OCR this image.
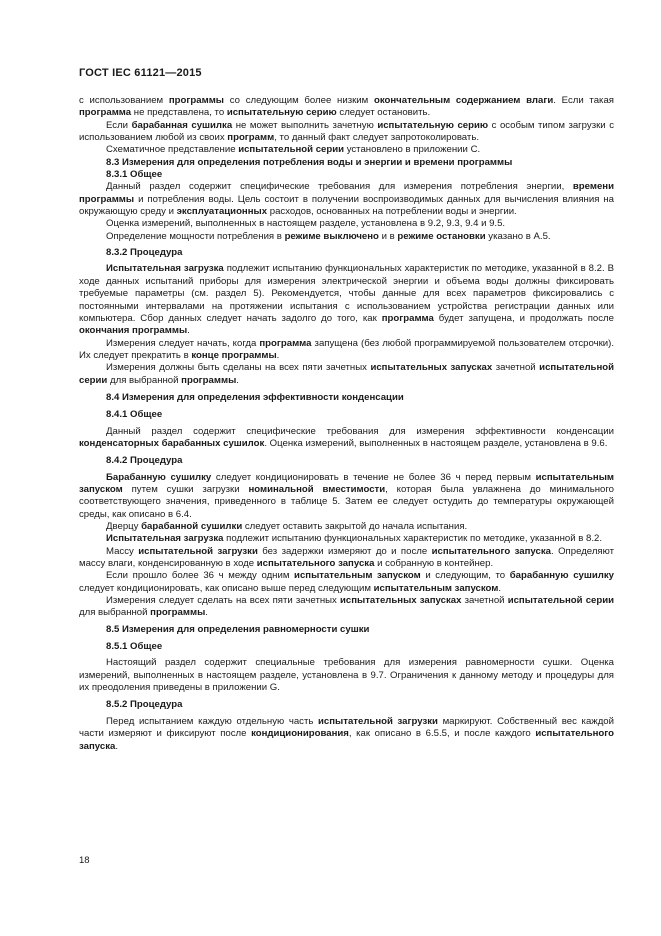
ГОСТ IEC 61121—2015

с использованием программы со следующим более низким окончательным содержанием влаги. Если такая программа не представлена, то испытательную серию следует остановить.

Если барабанная сушилка не может выполнить зачетную испытательную серию с особым типом загрузки с использованием любой из своих программ, то данный факт следует запротоколировать.

Схематичное представление испытательной серии установлено в приложении С.

8.3 Измерения для определения потребления воды и энергии и времени программы

8.3.1 Общее

Данный раздел содержит специфические требования для измерения потребления энергии, времени программы и потребления воды. Цель состоит в получении воспроизводимых данных для вычисления влияния на окружающую среду и эксплуатационных расходов, основанных на потреблении воды и энергии.

Оценка измерений, выполненных в настоящем разделе, установлена в 9.2, 9.3, 9.4 и 9.5.

Определение мощности потребления в режиме выключено и в режиме остановки указано в А.5.

8.3.2 Процедура

Испытательная загрузка подлежит испытанию функциональных характеристик по методике, указанной в 8.2. В ходе данных испытаний приборы для измерения электрической энергии и объема воды должны фиксировать требуемые параметры (см. раздел 5). Рекомендуется, чтобы данные для всех параметров фиксировались с постоянными интервалами на протяжении испытания с использованием устройства регистрации данных или компьютера. Сбор данных следует начать задолго до того, как программа будет запущена, и продолжать после окончания программы.

Измерения следует начать, когда программа запущена (без любой программируемой пользователем отсрочки). Их следует прекратить в конце программы.

Измерения должны быть сделаны на всех пяти зачетных испытательных запусках зачетной испытательной серии для выбранной программы.

8.4 Измерения для определения эффективности конденсации

8.4.1 Общее

Данный раздел содержит специфические требования для измерения эффективности конденсации конденсаторных барабанных сушилок. Оценка измерений, выполненных в настоящем разделе, установлена в 9.6.

8.4.2 Процедура

Барабанную сушилку следует кондиционировать в течение не более 36 ч перед первым испытательным запуском путем сушки загрузки номинальной вместимости, которая была увлажнена до минимального соответствующего значения, приведенного в таблице 5. Затем ее следует остудить до температуры окружающей среды, как описано в 6.4.

Дверцу барабанной сушилки следует оставить закрытой до начала испытания.

Испытательная загрузка подлежит испытанию функциональных характеристик по методике, указанной в 8.2.

Массу испытательной загрузки без задержки измеряют до и после испытательного запуска. Определяют массу влаги, конденсированную в ходе испытательного запуска и собранную в контейнер.

Если прошло более 36 ч между одним испытательным запуском и следующим, то барабанную сушилку следует кондиционировать, как описано выше перед следующим испытательным запуском.

Измерения следует сделать на всех пяти зачетных испытательных запусках зачетной испытательной серии для выбранной программы.

8.5 Измерения для определения равномерности сушки

8.5.1 Общее

Настоящий раздел содержит специальные требования для измерения равномерности сушки. Оценка измерений, выполненных в настоящем разделе, установлена в 9.7. Ограничения к данному методу и процедуры для их преодоления приведены в приложении G.

8.5.2 Процедура

Перед испытанием каждую отдельную часть испытательной загрузки маркируют. Собственный вес каждой части измеряют и фиксируют после кондиционирования, как описано в 6.5.5, и после каждого испытательного запуска.

18
